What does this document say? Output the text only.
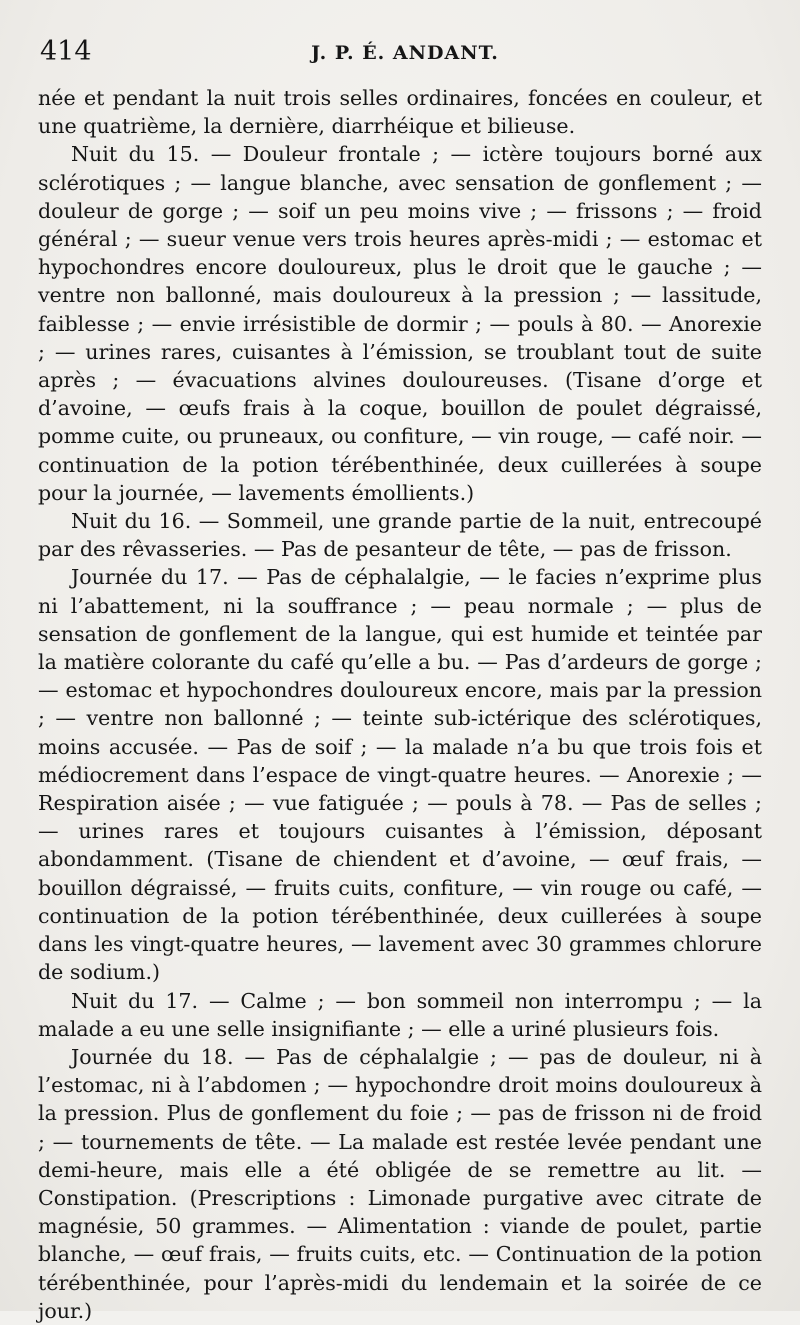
414	J. P. É. ANDANT.

née et pendant la nuit trois selles ordinaires, foncées en couleur, et une quatrième, la dernière, diarrhéique et bilieuse.

Nuit du 15. — Douleur frontale ; — ictère toujours borné aux sclérotiques ; — langue blanche, avec sensation de gonflement ; — douleur de gorge ; — soif un peu moins vive ; — frissons ; — froid général ; — sueur venue vers trois heures après-midi ; — estomac et hypochondres encore douloureux, plus le droit que le gauche ; — ventre non ballonné, mais douloureux à la pression ; — lassitude, faiblesse ; — envie irrésistible de dormir ; — pouls à 80. — Anorexie ; — urines rares, cuisantes à l’émission, se troublant tout de suite après ; — évacuations alvines douloureuses. (Tisane d’orge et d’avoine, — œufs frais à la coque, bouillon de poulet dégraissé, pomme cuite, ou pruneaux, ou confiture, — vin rouge, — café noir. — continuation de la potion térébenthinée, deux cuillerées à soupe pour la journée, — lavements émollients.)

Nuit du 16. — Sommeil, une grande partie de la nuit, entrecoupé par des rêvasseries. — Pas de pesanteur de tête, — pas de frisson.

Journée du 17. — Pas de céphalalgie, — le facies n’exprime plus ni l’abattement, ni la souffrance ; — peau normale ; — plus de sensation de gonflement de la langue, qui est humide et teintée par la matière colorante du café qu’elle a bu. — Pas d’ardeurs de gorge ; — estomac et hypochondres douloureux encore, mais par la pression ; — ventre non ballonné ; — teinte sub-ictérique des sclérotiques, moins accusée. — Pas de soif ; — la malade n’a bu que trois fois et médiocrement dans l’espace de vingt-quatre heures. — Anorexie ; — Respiration aisée ; — vue fatiguée ; — pouls à 78. — Pas de selles ; — urines rares et toujours cuisantes à l’émission, déposant abondamment. (Tisane de chiendent et d’avoine, — œuf frais, — bouillon dégraissé, — fruits cuits, confiture, — vin rouge ou café, — continuation de la potion térébenthinée, deux cuillerées à soupe dans les vingt-quatre heures, — lavement avec 30 grammes chlorure de sodium.)

Nuit du 17. — Calme ; — bon sommeil non interrompu ; — la malade a eu une selle insignifiante ; — elle a uriné plusieurs fois.

Journée du 18. — Pas de céphalalgie ; — pas de douleur, ni à l’estomac, ni à l’abdomen ; — hypochondre droit moins douloureux à la pression. Plus de gonflement du foie ; — pas de frisson ni de froid ; — tournements de tête. — La malade est restée levée pendant une demi-heure, mais elle a été obligée de se remettre au lit. — Constipation. (Prescriptions : Limonade purgative avec citrate de magnésie, 50 grammes. — Alimentation : viande de poulet, partie blanche, — œuf frais, — fruits cuits, etc. — Continuation de la potion térébenthinée, pour l’après-midi du lendemain et la soirée de ce jour.)
